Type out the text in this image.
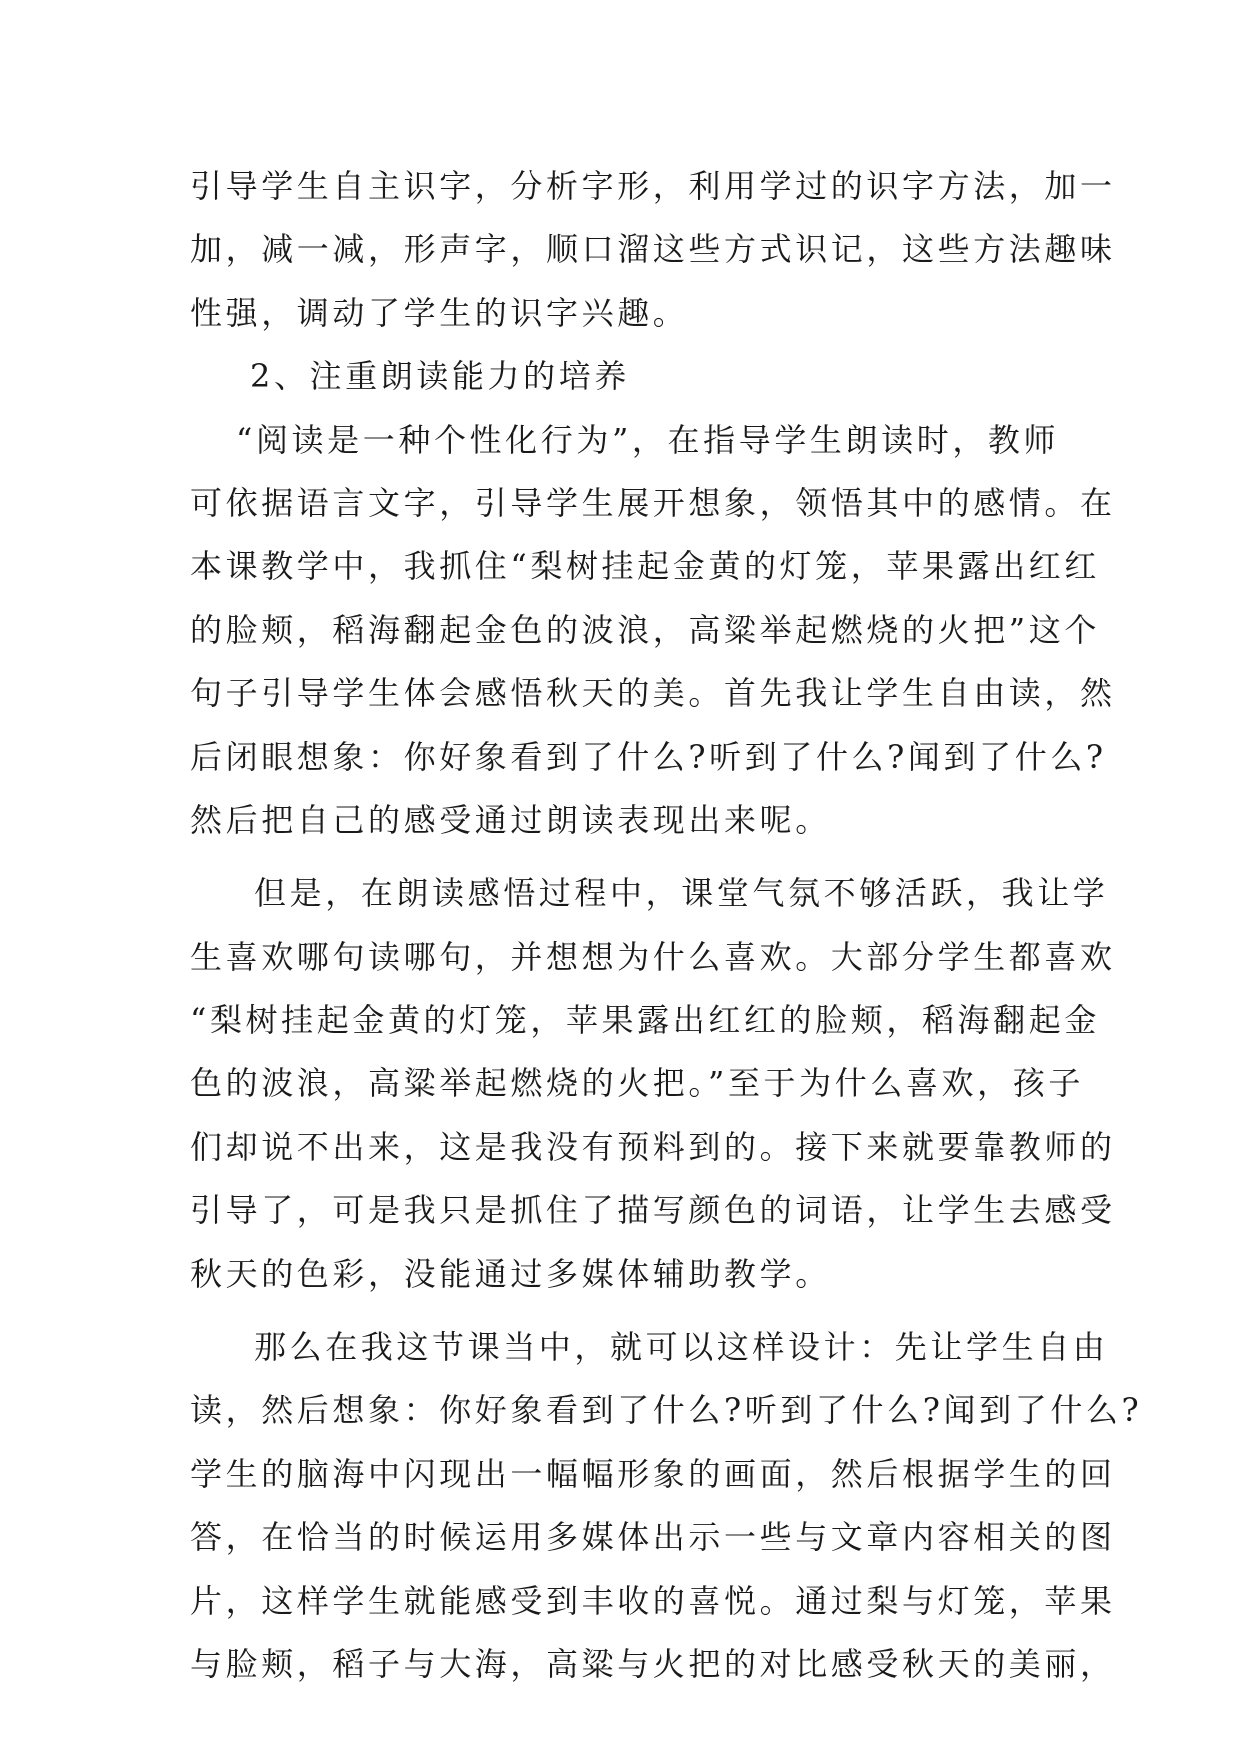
引导学生自主识字，分析字形，利用学过的识字方法，加一
加，减一减，形声字，顺口溜这些方式识记，这些方法趣味
性强，调动了学生的识字兴趣。
2、注重朗读能力的培养
“阅读是一种个性化行为”，在指导学生朗读时，教师
可依据语言文字，引导学生展开想象，领悟其中的感情。在
本课教学中，我抓住“梨树挂起金黄的灯笼，苹果露出红红
的脸颊，稻海翻起金色的波浪，高粱举起燃烧的火把”这个
句子引导学生体会感悟秋天的美。首先我让学生自由读，然
后闭眼想象：你好象看到了什么?听到了什么?闻到了什么?
然后把自己的感受通过朗读表现出来呢。
但是，在朗读感悟过程中，课堂气氛不够活跃，我让学
生喜欢哪句读哪句，并想想为什么喜欢。大部分学生都喜欢
“梨树挂起金黄的灯笼，苹果露出红红的脸颊，稻海翻起金
色的波浪，高粱举起燃烧的火把。”至于为什么喜欢，孩子
们却说不出来，这是我没有预料到的。接下来就要靠教师的
引导了，可是我只是抓住了描写颜色的词语，让学生去感受
秋天的色彩，没能通过多媒体辅助教学。
那么在我这节课当中，就可以这样设计：先让学生自由
读，然后想象：你好象看到了什么?听到了什么?闻到了什么?
学生的脑海中闪现出一幅幅形象的画面，然后根据学生的回
答，在恰当的时候运用多媒体出示一些与文章内容相关的图
片，这样学生就能感受到丰收的喜悦。通过梨与灯笼，苹果
与脸颊，稻子与大海，高粱与火把的对比感受秋天的美丽，
